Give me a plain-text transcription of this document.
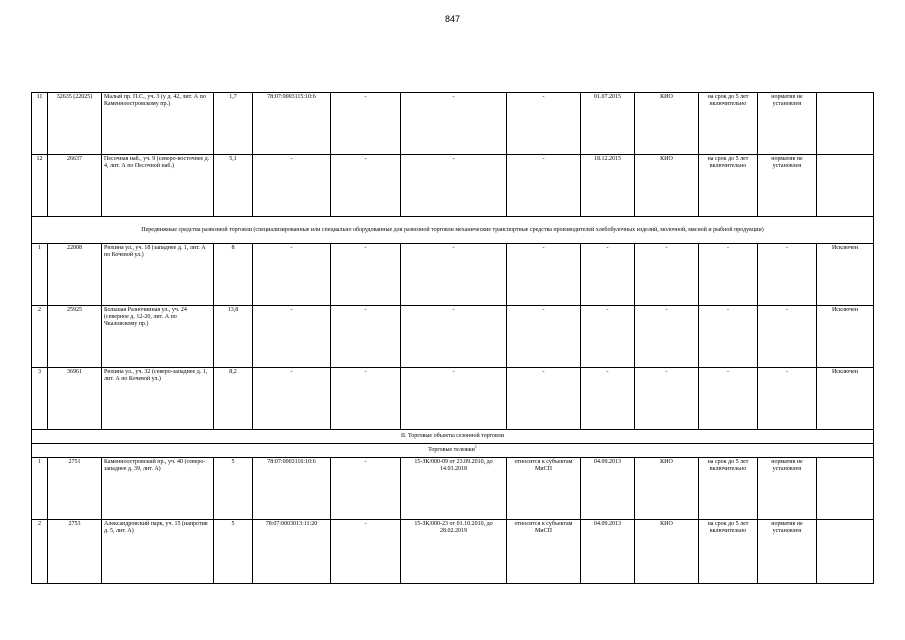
847
11	32635 (22025)	Малый пр. П.С., уч. 3 (у д. 42, лит. А по Каменноостровскому пр.)	1,7	78:07:0003115:10:6	-	-	-	01.07.2015	КИО	на срок до 5 лет включительно	норматив не установлен	
12	26637	Песочная наб., уч. 9 (северо-восточнее д. 4, лит. А по Песочной наб.)	5,1	-	-	-	-	18.12.2015	КИО	на срок до 5 лет включительно	норматив не установлен	
Передвижные средства развозной торговли (специализированные или специально оборудованные для развозной торговли механические транспортные средства производителей хлебобулочных изделий, молочной, мясной и рыбной продукции)												
1	22008	Рюхина ул., уч. 18 (западнее д. 1, лит. А по Кочевой ул.)	8	-	-	-	-	-	-	-	-	Исключен
2	25925	Большая Разночинная ул., уч. 24 (северное д. 12-20, лит. А по Чкаловскому пр.)	13,8	-	-	-	-	-	-	-	-	Исключен
3	36961	Рюхина ул., уч. 32 (северо-западнее д. 1, лит. А по Кочевой ул.)	8,2	-	-	-	-	-	-	-	-	Исключен
II. Торговые объекты сезонной торговли												
Торговые тележки$^1$
1	2751	Каменноостровский пр., уч. 40 (северо-западнее д. 39, лит. А)	5	78:07:0003116:10:6	-	15-ЗК/000-09 от 23.09.2010, до 14.03.2018	относится к субъектам МиСП	04.09.2013	КИО	на срок до 5 лет включительно	норматив не установлен	
2	2753	Александровский парк, уч. 15 (напротив д. 5, лит. А)	5	78:07:0003013:11:20	-	15-ЗК/000-23 от 01.10.2010, до 28.02.2019	относится к субъектам МиСП	04.09.2013	КИО	на срок до 5 лет включительно	норматив не установлен	
